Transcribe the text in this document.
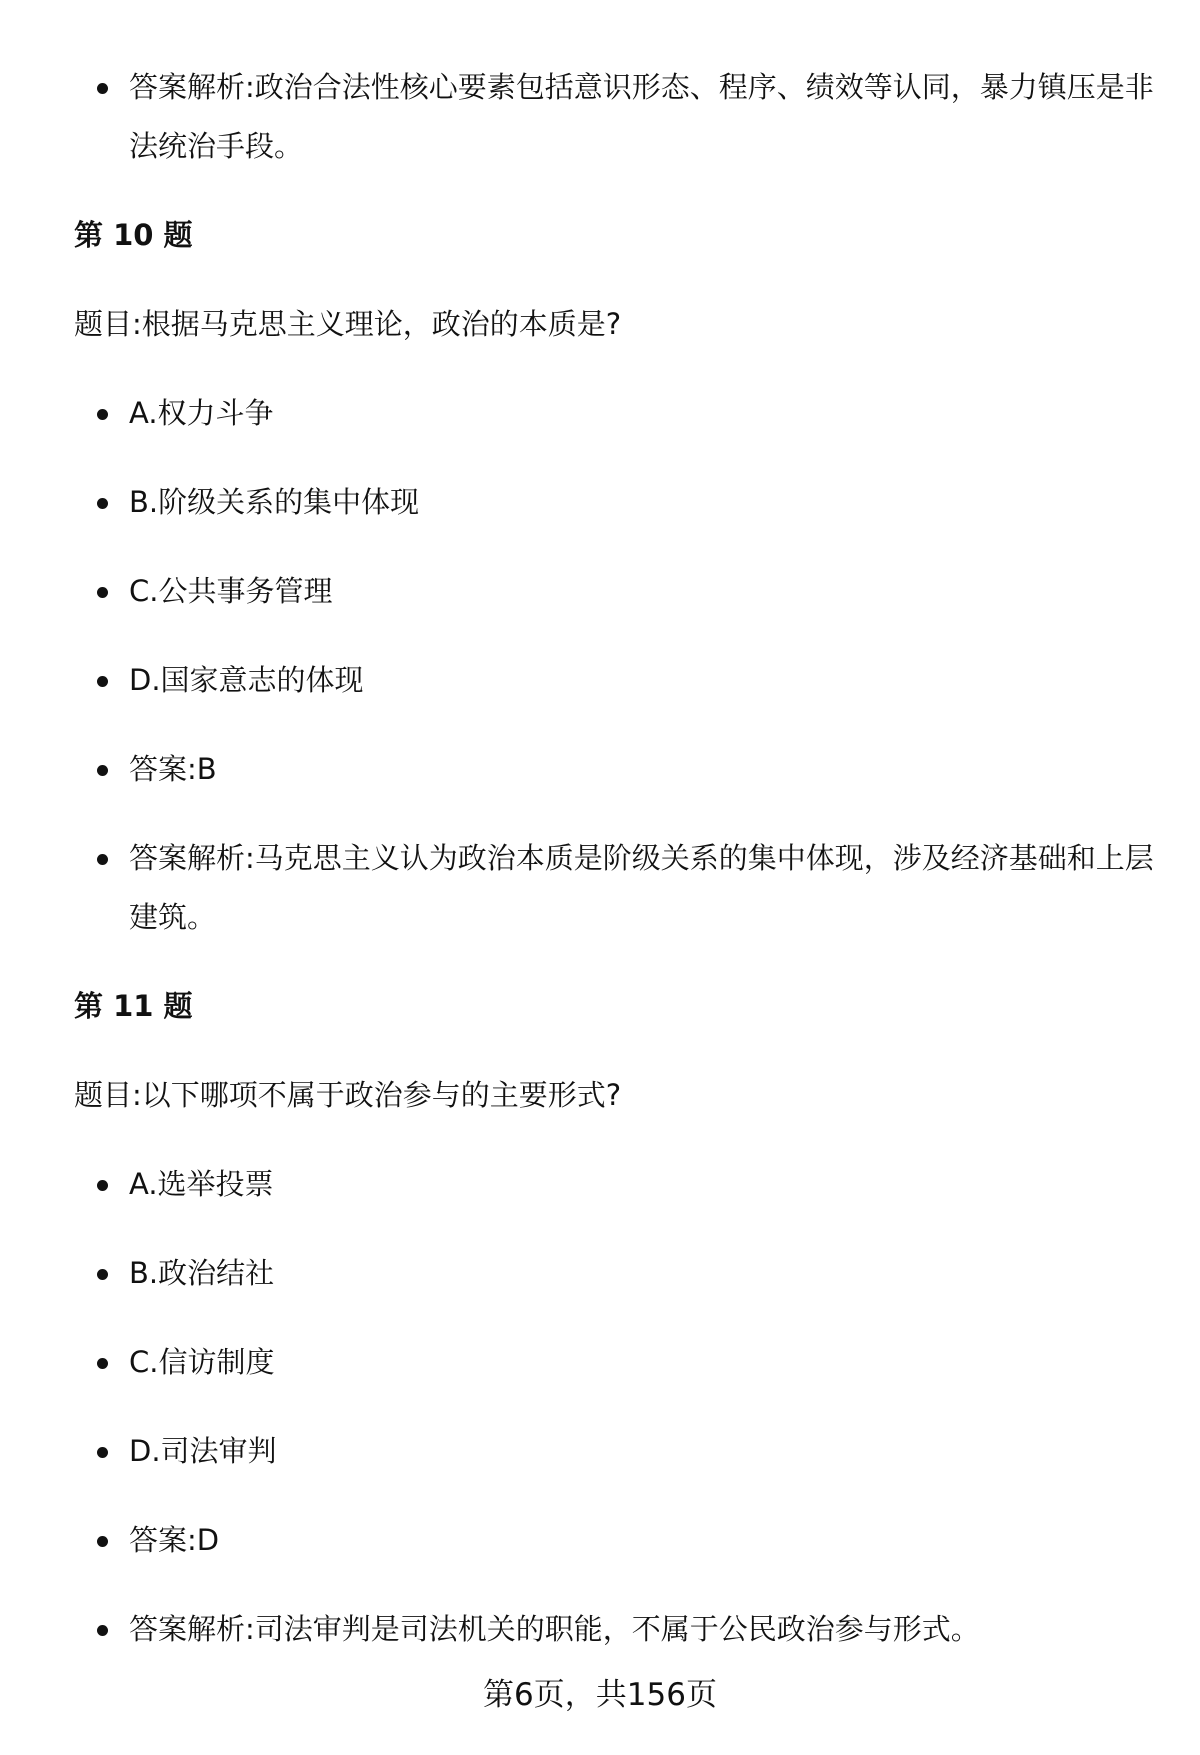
答案解析:政治合法性核心要素包括意识形态、程序、绩效等认同，暴力镇压是非法统治手段。
第 10 题
题目:根据马克思主义理论，政治的本质是?
A.权力斗争
B.阶级关系的集中体现
C.公共事务管理
D.国家意志的体现
答案:B
答案解析:马克思主义认为政治本质是阶级关系的集中体现，涉及经济基础和上层建筑。
第 11 题
题目:以下哪项不属于政治参与的主要形式?
A.选举投票
B.政治结社
C.信访制度
D.司法审判
答案:D
答案解析:司法审判是司法机关的职能，不属于公民政治参与形式。
第6页，共156页
